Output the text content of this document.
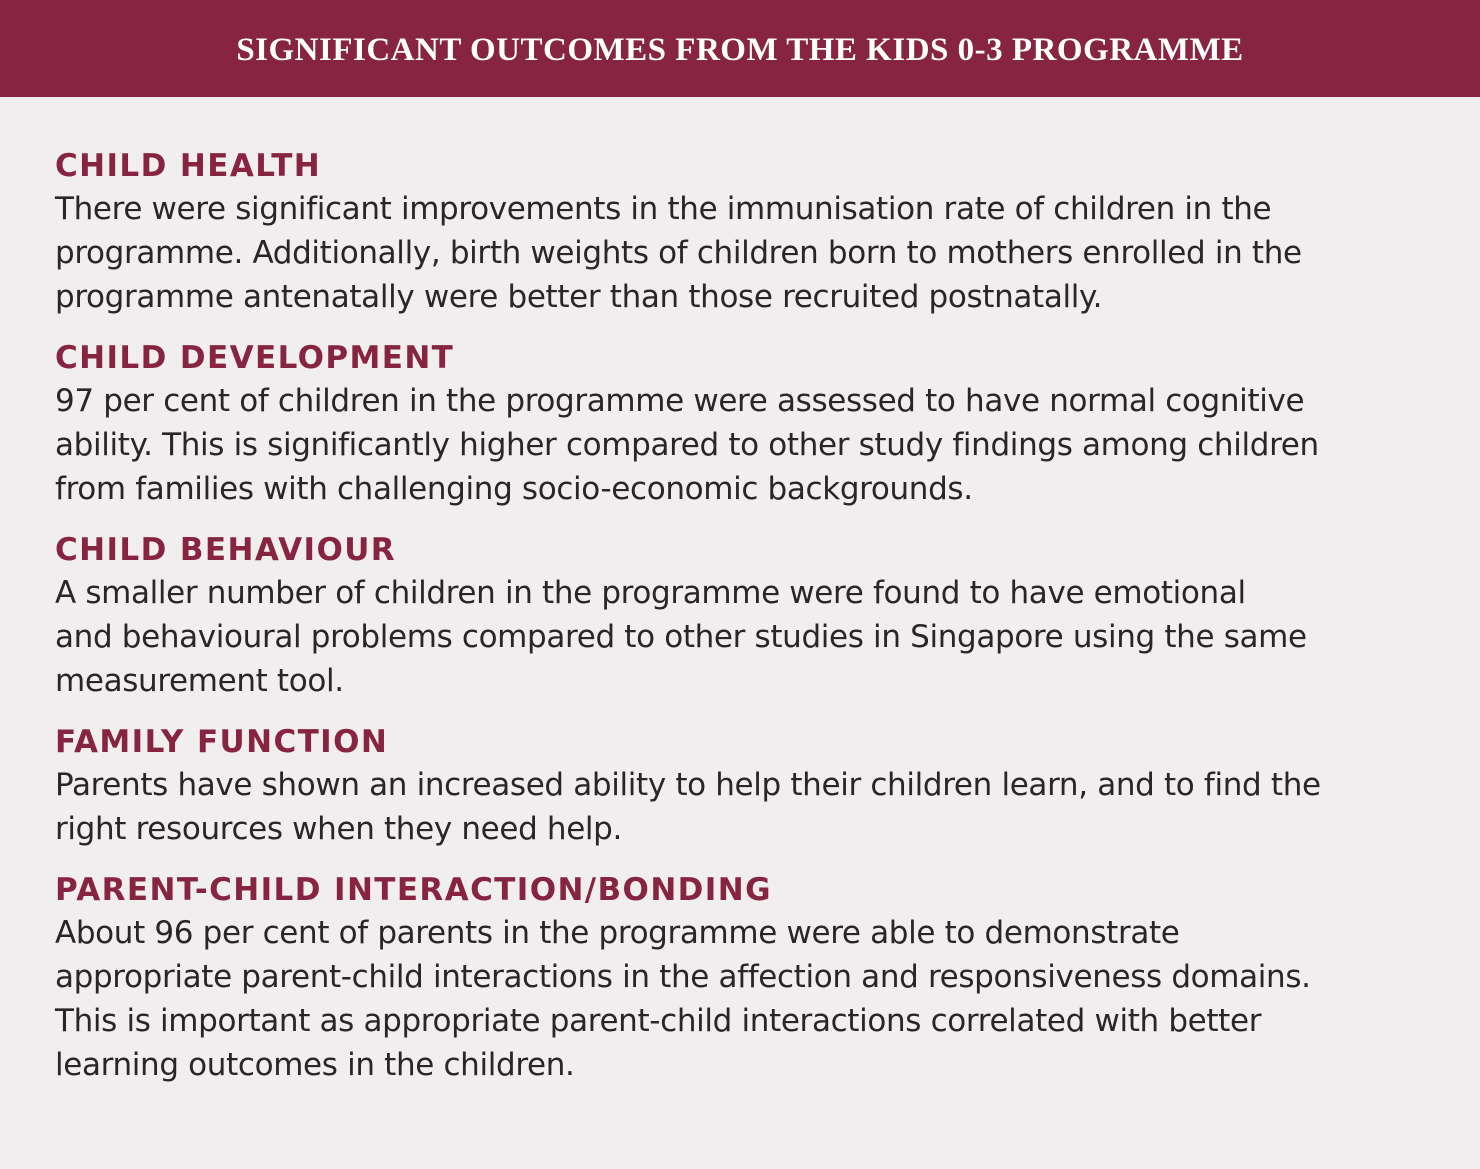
SIGNIFICANT OUTCOMES FROM THE KIDS 0-3 PROGRAMME
CHILD HEALTH

There were significant improvements in the immunisation rate of children in the
programme. Additionally, birth weights of children born to mothers enrolled in the
programme antenatally were better than those recruited postnatally.

CHILD DEVELOPMENT

97 per cent of children in the programme were assessed to have normal cognitive
ability. This is significantly higher compared to other study findings among children
from families with challenging socio-economic backgrounds.

CHILD BEHAVIOUR

A smaller number of children in the programme were found to have emotional
and behavioural problems compared to other studies in Singapore using the same
measurement tool.

FAMILY FUNCTION

Parents have shown an increased ability to help their children learn, and to find the
right resources when they need help.

PARENT-CHILD INTERACTION/BONDING

About 96 per cent of parents in the programme were able to demonstrate
appropriate parent-child interactions in the affection and responsiveness domains.
This is important as appropriate parent-child interactions correlated with better
learning outcomes in the children.
